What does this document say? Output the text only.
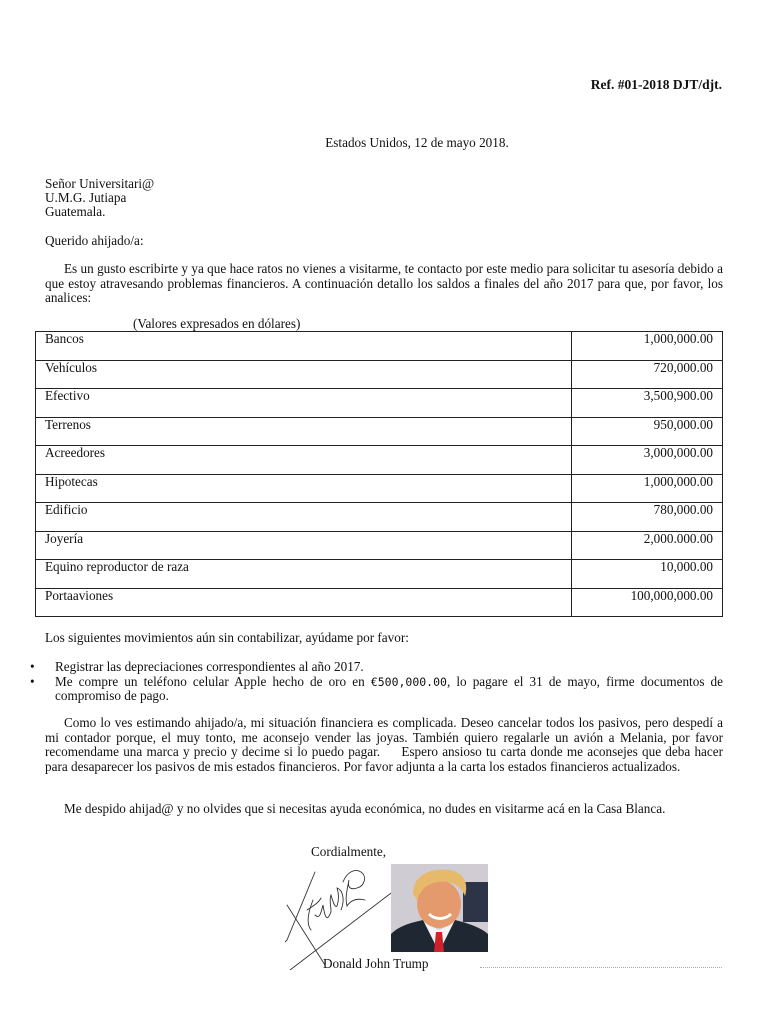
Ref. #01-2018 DJT/djt.
Estados Unidos, 12 de mayo 2018.
Señor Universitari@
U.M.G. Jutiapa
Guatemala.
Querido ahijado/a:
Es un gusto escribirte y ya que hace ratos no vienes a visitarme, te contacto por este medio para solicitar tu asesoría debido a que estoy atravesando problemas financieros. A continuación detallo los saldos a finales del año 2017 para que, por favor, los analices:
(Valores expresados en dólares)
Bancos	1,000,000.00
Vehículos	720,000.00
Efectivo	3,500,900.00
Terrenos	950,000.00
Acreedores	3,000,000.00
Hipotecas	1,000,000.00
Edificio	780,000.00
Joyería	2,000.000.00
Equino reproductor de raza	10,000.00
Portaaviones	100,000,000.00
Los siguientes movimientos aún sin contabilizar, ayúdame por favor:
• Registrar las depreciaciones correspondientes al año 2017.
• Me compre un teléfono celular Apple hecho de oro en €500,000.00, lo pagare el 31 de mayo, firme documentos de compromiso de pago.
Como lo ves estimando ahijado/a, mi situación financiera es complicada. Deseo cancelar todos los pasivos, pero despedí a mi contador porque, el muy tonto, me aconsejo vender las joyas. También quiero regalarle un avión a Melania, por favor recomendame una marca y precio y decime si lo puedo pagar.     Espero ansioso tu carta donde me aconsejes que deba hacer para desaparecer los pasivos de mis estados financieros. Por favor adjunta a la carta los estados financieros actualizados.
Me despido ahijad@ y no olvides que si necesitas ayuda económica, no dudes en visitarme acá en la Casa Blanca.
Cordialmente,
Donald John Trump
